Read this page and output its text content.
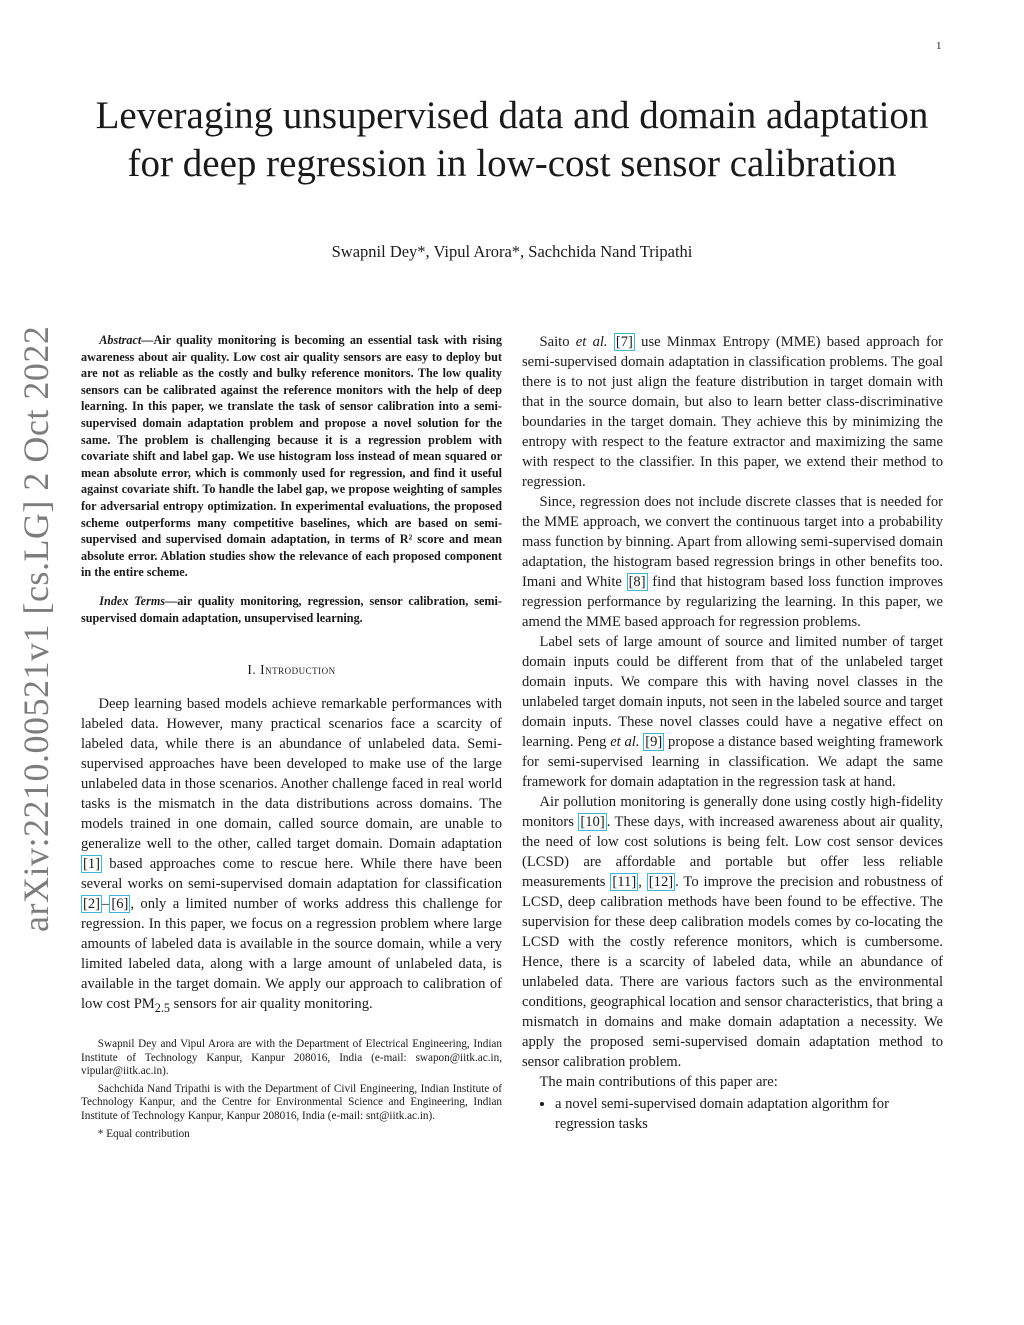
1
arXiv:2210.00521v1 [cs.LG] 2 Oct 2022
Leveraging unsupervised data and domain adaptation for deep regression in low-cost sensor calibration
Swapnil Dey*, Vipul Arora*, Sachchida Nand Tripathi

Abstract—Air quality monitoring is becoming an essential task with rising awareness about air quality. Low cost air quality sensors are easy to deploy but are not as reliable as the costly and bulky reference monitors. The low quality sensors can be calibrated against the reference monitors with the help of deep learning. In this paper, we translate the task of sensor calibration into a semi-supervised domain adaptation problem and propose a novel solution for the same. The problem is challenging because it is a regression problem with covariate shift and label gap. We use histogram loss instead of mean squared or mean absolute error, which is commonly used for regression, and find it useful against covariate shift. To handle the label gap, we propose weighting of samples for adversarial entropy optimization. In experimental evaluations, the proposed scheme outperforms many competitive baselines, which are based on semi-supervised and supervised domain adaptation, in terms of R² score and mean absolute error. Ablation studies show the relevance of each proposed component in the entire scheme.

Index Terms—air quality monitoring, regression, sensor calibration, semi-supervised domain adaptation, unsupervised learning.

I. Introduction

Deep learning based models achieve remarkable performances with labeled data. However, many practical scenarios face a scarcity of labeled data, while there is an abundance of unlabeled data. Semi-supervised approaches have been developed to make use of the large unlabeled data in those scenarios. Another challenge faced in real world tasks is the mismatch in the data distributions across domains. The models trained in one domain, called source domain, are unable to generalize well to the other, called target domain. Domain adaptation [1] based approaches come to rescue here. While there have been several works on semi-supervised domain adaptation for classification [2] – [6] , only a limited number of works address this challenge for regression. In this paper, we focus on a regression problem where large amounts of labeled data is available in the source domain, while a very limited labeled data, along with a large amount of unlabeled data, is available in the target domain. We apply our approach to calibration of low cost $PM_{2.5}$ sensors for air quality monitoring.

Swapnil Dey and Vipul Arora are with the Department of Electrical Engineering, Indian Institute of Technology Kanpur, Kanpur 208016, India (e-mail: swapon@iitk.ac.in, vipular@iitk.ac.in).

Sachchida Nand Tripathi is with the Department of Civil Engineering, Indian Institute of Technology Kanpur, and the Centre for Environmental Science and Engineering, Indian Institute of Technology Kanpur, Kanpur 208016, India (e-mail: snt@iitk.ac.in).

* Equal contribution

Saito et al. [7] use Minmax Entropy (MME) based approach for semi-supervised domain adaptation in classification problems. The goal there is to not just align the feature distribution in target domain with that in the source domain, but also to learn better class-discriminative boundaries in the target domain. They achieve this by minimizing the entropy with respect to the feature extractor and maximizing the same with respect to the classifier. In this paper, we extend their method to regression.

Since, regression does not include discrete classes that is needed for the MME approach, we convert the continuous target into a probability mass function by binning. Apart from allowing semi-supervised domain adaptation, the histogram based regression brings in other benefits too. Imani and White [8] find that histogram based loss function improves regression performance by regularizing the learning. In this paper, we amend the MME based approach for regression problems.

Label sets of large amount of source and limited number of target domain inputs could be different from that of the unlabeled target domain inputs. We compare this with having novel classes in the unlabeled target domain inputs, not seen in the labeled source and target domain inputs. These novel classes could have a negative effect on learning. Peng et al. [9] propose a distance based weighting framework for semi-supervised learning in classification. We adapt the same framework for domain adaptation in the regression task at hand.

Air pollution monitoring is generally done using costly high-fidelity monitors [10] . These days, with increased awareness about air quality, the need of low cost solutions is being felt. Low cost sensor devices (LCSD) are affordable and portable but offer less reliable measurements [11] , [12] . To improve the precision and robustness of LCSD, deep calibration methods have been found to be effective. The supervision for these deep calibration models comes by co-locating the LCSD with the costly reference monitors, which is cumbersome. Hence, there is a scarcity of labeled data, while an abundance of unlabeled data. There are various factors such as the environmental conditions, geographical location and sensor characteristics, that bring a mismatch in domains and make domain adaptation a necessity. We apply the proposed semi-supervised domain adaptation method to sensor calibration problem.

The main contributions of this paper are:

• a novel semi-supervised domain adaptation algorithm for regression tasks
